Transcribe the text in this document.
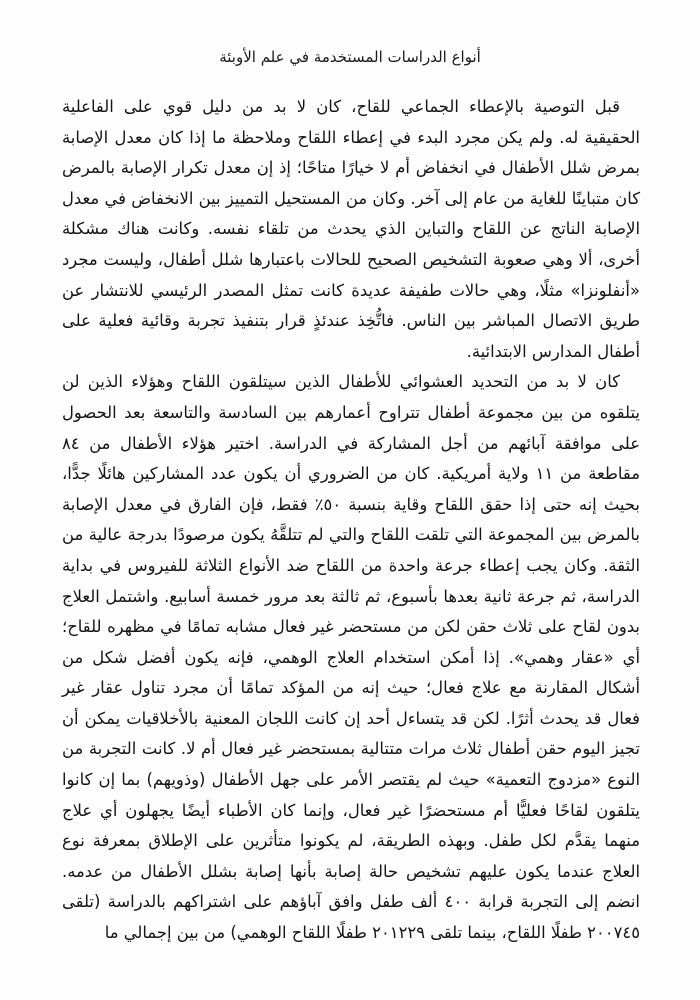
أنواع الدراسات المستخدمة في علم الأوبئة

قبل التوصية بالإعطاء الجماعي للقاح، كان لا بد من دليل قوي على الفاعلية الحقيقية له. ولم يكن مجرد البدء في إعطاء اللقاح وملاحظة ما إذا كان معدل الإصابة بمرض شلل الأطفال في انخفاض أم لا خيارًا متاحًا؛ إذ إن معدل تكرار الإصابة بالمرض كان متباينًا للغاية من عام إلى آخر. وكان من المستحيل التمييز بين الانخفاض في معدل الإصابة الناتج عن اللقاح والتباين الذي يحدث من تلقاء نفسه. وكانت هناك مشكلة أخرى، ألا وهي صعوبة التشخيص الصحيح للحالات باعتبارها شلل أطفال، وليست مجرد «أنفلونزا» مثلًا، وهي حالات طفيفة عديدة كانت تمثل المصدر الرئيسي للانتشار عن طريق الاتصال المباشر بين الناس. فاتُّخِذ عندئذٍ قرار بتنفيذ تجربة وقائية فعلية على أطفال المدارس الابتدائية.

كان لا بد من التحديد العشوائي للأطفال الذين سيتلقون اللقاح وهؤلاء الذين لن يتلقوه من بين مجموعة أطفال تتراوح أعمارهم بين السادسة والتاسعة بعد الحصول على موافقة آبائهم من أجل المشاركة في الدراسة. اختير هؤلاء الأطفال من ٨٤ مقاطعة من ١١ ولاية أمريكية. كان من الضروري أن يكون عدد المشاركين هائلًا جدًّا، بحيث إنه حتى إذا حقق اللقاح وقاية بنسبة ٥٠٪ فقط، فإن الفارق في معدل الإصابة بالمرض بين المجموعة التي تلقت اللقاح والتي لم تتلقَّهُ يكون مرصودًا بدرجة عالية من الثقة. وكان يجب إعطاء جرعة واحدة من اللقاح ضد الأنواع الثلاثة للفيروس في بداية الدراسة، ثم جرعة ثانية بعدها بأسبوع، ثم ثالثة بعد مرور خمسة أسابيع. واشتمل العلاج بدون لقاح على ثلاث حقن لكن من مستحضر غير فعال مشابه تمامًا في مظهره للقاح؛ أي «عقار وهمي». إذا أمكن استخدام العلاج الوهمي، فإنه يكون أفضل شكل من أشكال المقارنة مع علاج فعال؛ حيث إنه من المؤكد تمامًا أن مجرد تناول عقار غير فعال قد يحدث أثرًا. لكن قد يتساءل أحد إن كانت اللجان المعنية بالأخلاقيات يمكن أن تجيز اليوم حقن أطفال ثلاث مرات متتالية بمستحضر غير فعال أم لا. كانت التجربة من النوع «مزدوج التعمية» حيث لم يقتصر الأمر على جهل الأطفال (وذويهم) بما إن كانوا يتلقون لقاحًا فعليًّا أم مستحضرًا غير فعال، وإنما كان الأطباء أيضًا يجهلون أي علاج منهما يقدَّم لكل طفل. وبهذه الطريقة، لم يكونوا متأثرين على الإطلاق بمعرفة نوع العلاج عندما يكون عليهم تشخيص حالة إصابة بأنها إصابة بشلل الأطفال من عدمه. انضم إلى التجربة قرابة ٤٠٠ ألف طفل وافق آباؤهم على اشتراكهم بالدراسة (تلقى ٢٠٠٧٤٥ طفلًا اللقاح، بينما تلقى ٢٠١٢٢٩ طفلًا اللقاح الوهمي) من بين إجمالي ما
